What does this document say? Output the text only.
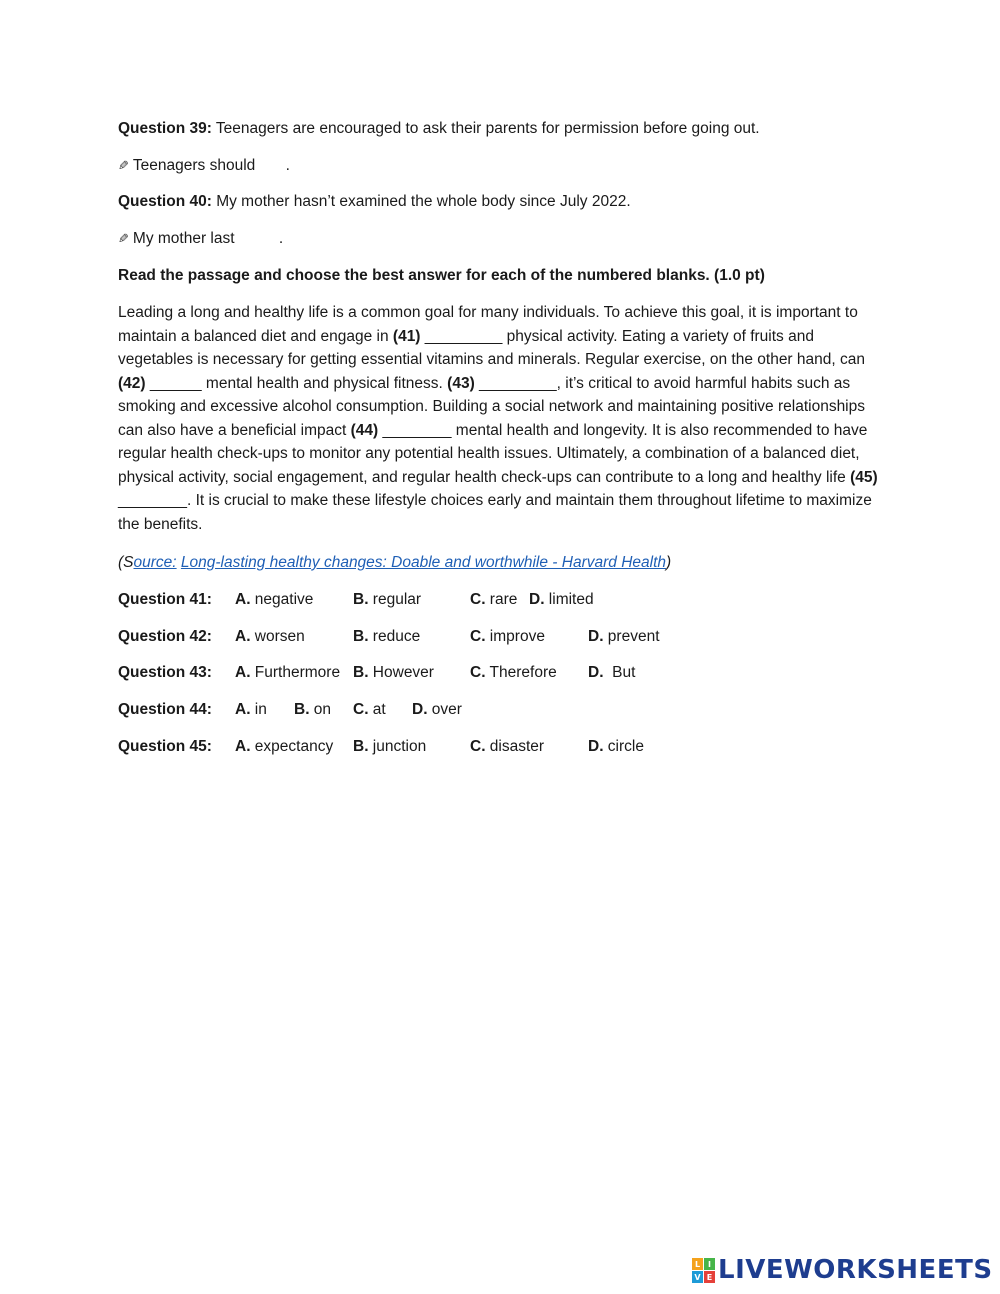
Question 39: Teenagers are encouraged to ask their parents for permission before going out.
✎ Teenagers should .
Question 40: My mother hasn’t examined the whole body since July 2022.
✎ My mother last	.
Read the passage and choose the best answer for each of the numbered blanks. (1.0 pt)
Leading a long and healthy life is a common goal for many individuals. To achieve this goal, it is important to maintain a balanced diet and engage in (41) _________ physical activity. Eating a variety of fruits and vegetables is necessary for getting essential vitamins and minerals. Regular exercise, on the other hand, can (42) ______ mental health and physical fitness. (43) _________, it’s critical to avoid harmful habits such as smoking and excessive alcohol consumption. Building a social network and maintaining positive relationships can also have a beneficial impact (44) ________ mental health and longevity. It is also recommended to have regular health check-ups to monitor any potential health issues. Ultimately, a combination of a balanced diet, physical activity, social engagement, and regular health check-ups can contribute to a long and healthy life (45) ________. It is crucial to make these lifestyle choices early and maintain them throughout lifetime to maximize the benefits.
(Source: Long-lasting healthy changes: Doable and worthwhile - Harvard Health)
Question 41: A. negative	B. regular	C. rare D. limited
Question 42: A. worsen	B. reduce	C. improve	D. prevent
Question 43: A. Furthermore B. However C. Therefore D.  But
Question 44: A. in B. on C. at D. over
Question 45: A. expectancy B. junction	C. disaster	D. circle
L I
V E LIVEWORKSHEETS
